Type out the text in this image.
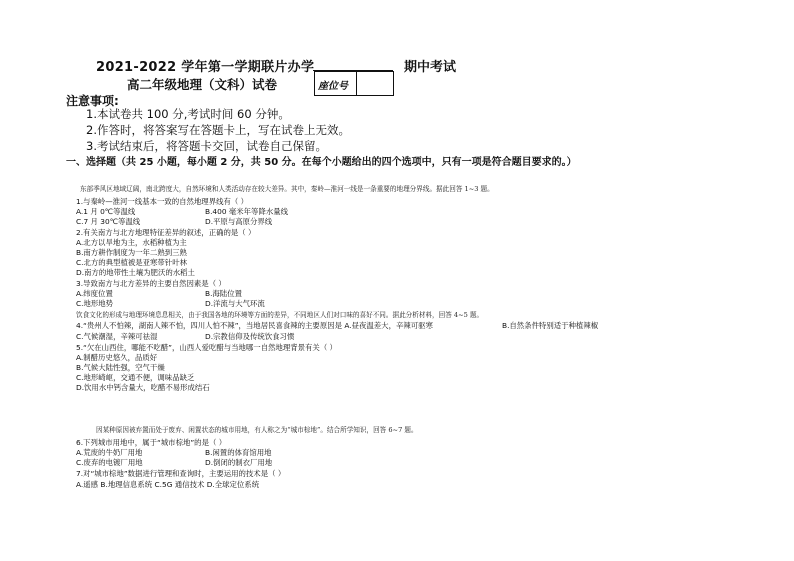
2021-2022 学年第一学期联片办学	期中考试
高二年级地理（文科）试卷	座位号
注意事项:
1.本试卷共 100 分,考试时间 60 分钟。
2.作答时，将答案写在答题卡上，写在试卷上无效。
3.考试结束后，将答题卡交回，试卷自己保留。
一、选择题（共 25 小题，每小题 2 分，共 50 分。在每个小题给出的四个选项中，只有一项是符合题目要求的。）
东部季风区地域辽阔，南北跨度大，自然环境和人类活动存在较大差异。其中，秦岭—淮河一线是一条重要的地理分界线。据此回答 1~3 题。
1.与秦岭—淮河一线基本一致的自然地理界线有（ ）
A.1 月 0℃等温线	B.400 毫米年等降水量线
C.7 月 30℃等温线	D.平原与高原分界线
2.有关南方与北方地理特征差异的叙述，正确的是（ ）
A.北方以旱地为主，水稻种植为主
B.南方耕作制度为一年二熟到三熟
C.北方的典型植被是亚寒带针叶林
D.南方的地带性土壤为肥沃的水稻土
3.导致南方与北方差异的主要自然因素是（ ）
A.纬度位置	B.海陆位置
C.地形地势	D.洋流与大气环流
饮食文化的形成与地理环境息息相关，由于我国各地的环境等方面的差异，不同地区人们对口味的喜好不同。据此分析材料，回答 4~5 题。
4.“贵州人不怕辣，湖南人辣不怕，四川人怕不辣”，当地居民喜食辣的主要原因是 A.昼夜温差大，辛辣可驱寒	B.自然条件特别适于种植辣椒
C.气候潮湿，辛辣可祛湿	D.宗教信仰及传统饮食习惯
5.“欠在山西住，哪能不吃醋”，山西人爱吃醋与当地哪一自然地理背景有关（ ）
A.制醋历史悠久，品质好
B.气候大陆性强，空气干燥
C.地形崎岖，交通不便，调味品缺乏
D.饮用水中钙含量大，吃醋不易形成结石
因某种原因被弃置而处于废弃、闲置状态的城市用地，有人称之为“城市棕地”。结合所学知识，回答 6~7 题。
6.下列城市用地中，属于“城市棕地”的是（ ）
A.荒废的牛奶厂用地	B.闲置的体育馆用地
C.废弃的电镀厂用地	D.倒闭的制衣厂用地
7.对“城市棕地”数据进行管理和查询时，主要运用的技术是（ ）
A.遥感 B.地理信息系统 C.5G 通信技术 D.全球定位系统
